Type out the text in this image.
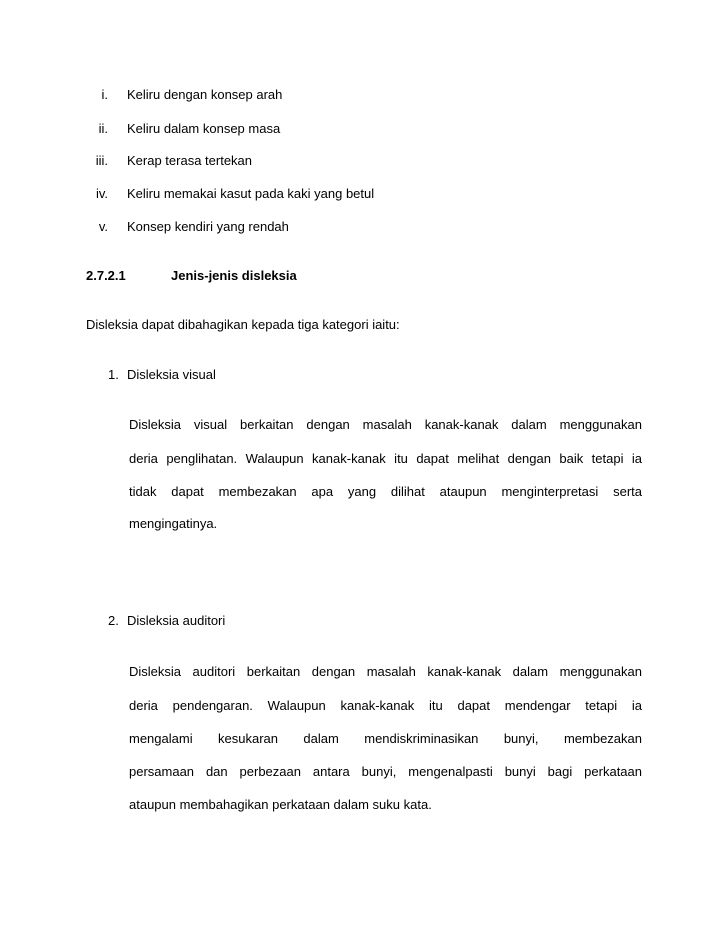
i. Keliru dengan konsep arah
ii. Keliru dalam konsep masa
iii. Kerap terasa tertekan
iv. Keliru memakai kasut pada kaki yang betul
v. Konsep kendiri yang rendah
2.7.2.1	Jenis-jenis disleksia
Disleksia dapat dibahagikan kepada tiga kategori iaitu:
1. Disleksia visual
Disleksia visual berkaitan dengan masalah kanak-kanak dalam menggunakan
deria penglihatan. Walaupun kanak-kanak itu dapat melihat dengan baik tetapi ia
tidak dapat membezakan apa yang dilihat ataupun menginterpretasi serta
mengingatinya.
2. Disleksia auditori
Disleksia auditori berkaitan dengan masalah kanak-kanak dalam menggunakan
deria pendengaran. Walaupun kanak-kanak itu dapat mendengar tetapi ia
mengalami kesukaran dalam mendiskriminasikan bunyi, membezakan
persamaan dan perbezaan antara bunyi, mengenalpasti bunyi bagi perkataan
ataupun membahagikan perkataan dalam suku kata.
